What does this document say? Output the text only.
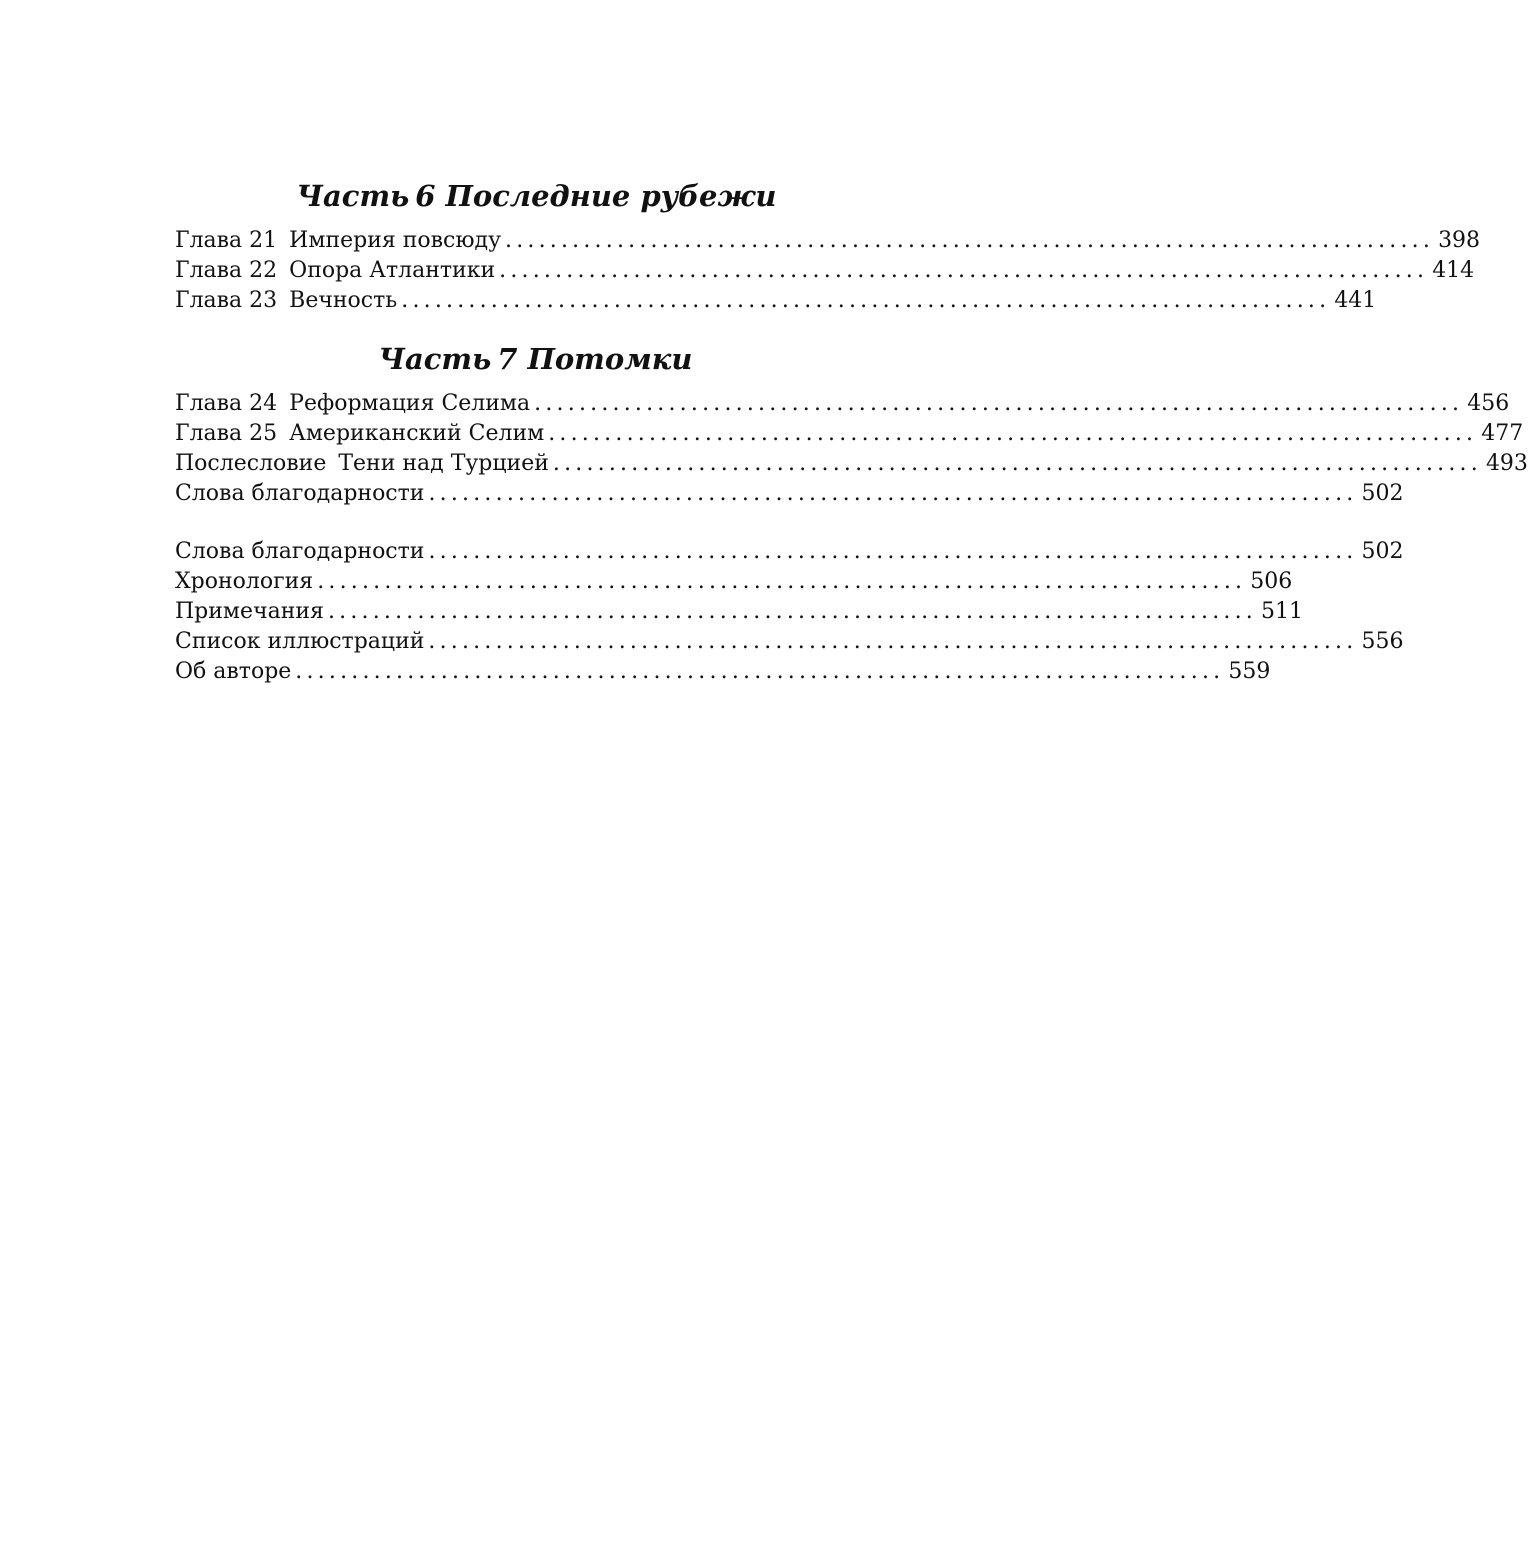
Часть 6 Последние рубежи
Глава 21 Империя повсюду ................................................................................... 398
Глава 22 Опора Атлантики ................................................................................... 414
Глава 23 Вечность ................................................................................... 441
Часть 7 Потомки
Глава 24 Реформация Селима ................................................................................... 456
Глава 25 Американский Селим ................................................................................... 477
Послесловие Тени над Турцией ................................................................................... 493
Слова благодарности ................................................................................... 502
Слова благодарности ................................................................................... 502
Хронология ................................................................................... 506
Примечания ................................................................................... 511
Список иллюстраций ................................................................................... 556
Об авторе ................................................................................... 559
